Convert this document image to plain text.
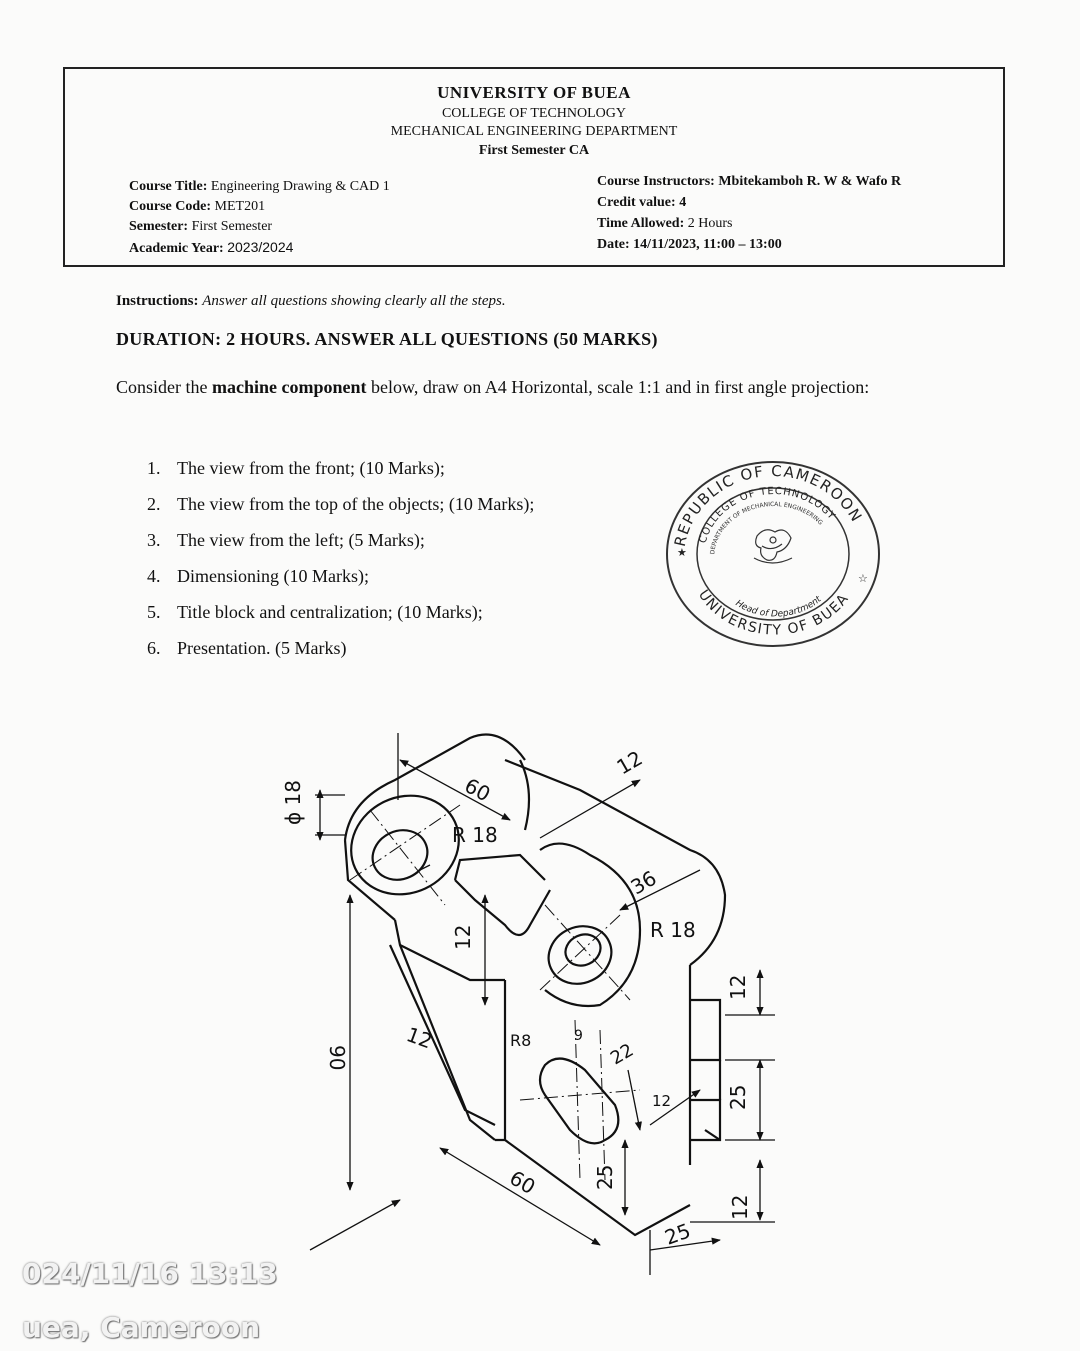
UNIVERSITY OF BUEA
COLLEGE OF TECHNOLOGY
MECHANICAL ENGINEERING DEPARTMENT
First Semester CA
Course Title: Engineering Drawing & CAD 1
Course Code: MET201
Semester: First Semester
Academic Year: 2023/2024
Course Instructors: Mbitekamboh R. W & Wafo R
Credit value: 4
Time Allowed: 2 Hours
Date: 14/11/2023, 11:00 – 13:00
Instructions: Answer all questions showing clearly all the steps.
DURATION: 2 HOURS. ANSWER ALL QUESTIONS (50 MARKS)
Consider the machine component below, draw on A4 Horizontal, scale 1:1 and in first angle projection:
1. The view from the front; (10 Marks);
2. The view from the top of the objects; (10 Marks);
3. The view from the left; (5 Marks);
4. Dimensioning (10 Marks);
5. Title block and centralization; (10 Marks);
6. Presentation. (5 Marks)
REPUBLIC OF CAMEROON
UNIVERSITY OF BUEA
COLLEGE OF TECHNOLOGY
DEPARTMENT OF MECHANICAL ENGINEERING
Head of Department
★
☆
60
R 18
12
36
R 18
ϕ 18
90
12
12
R8	9
22
12
12
25
12
60	25
25
024/11/16 13:13
uea, Cameroon
